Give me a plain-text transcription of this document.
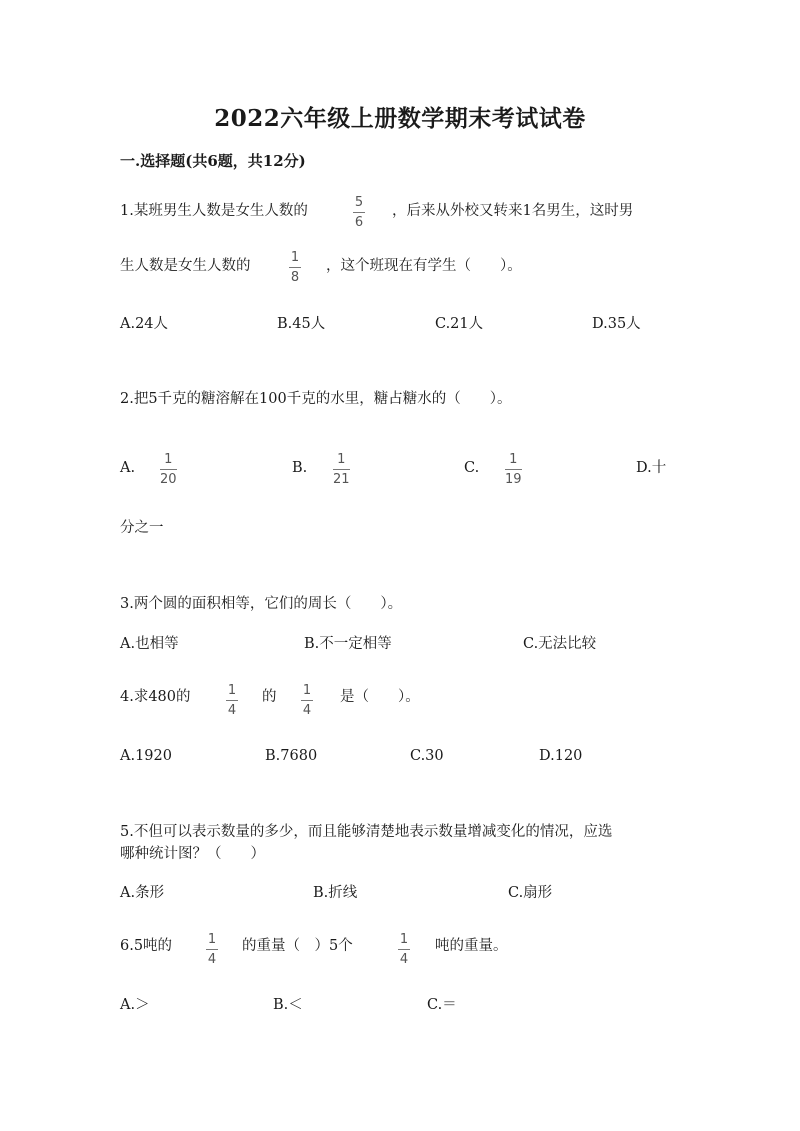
2022六年级上册数学期末考试试卷
一.选择题(共6题，共12分)
1.某班男生人数是女生人数的
5
6
，后来从外校又转来1名男生，这时男
生人数是女生人数的
1
8
，这个班现在有学生（　　）。
A.24人	B.45人	C.21人	D.35人
2.把5千克的糖溶解在100千克的水里，糖占糖水的（　　）。
A.
1
20
B.
1
21
C.
1
19
D.十
分之一
3.两个圆的面积相等，它们的周长（　　）。
A.也相等	B.不一定相等	C.无法比较
4.求480的	1
4
的 1
4
是（　　）。
A.1920	B.7680	C.30	D.120
5.不但可以表示数量的多少，而且能够清楚地表示数量增减变化的情况，应选
哪种统计图？（　　）
A.条形	B.折线	C.扇形
6.5吨的	1
4
的重量（　）5个	1
4
吨的重量。
A.＞	B.＜	C.＝
